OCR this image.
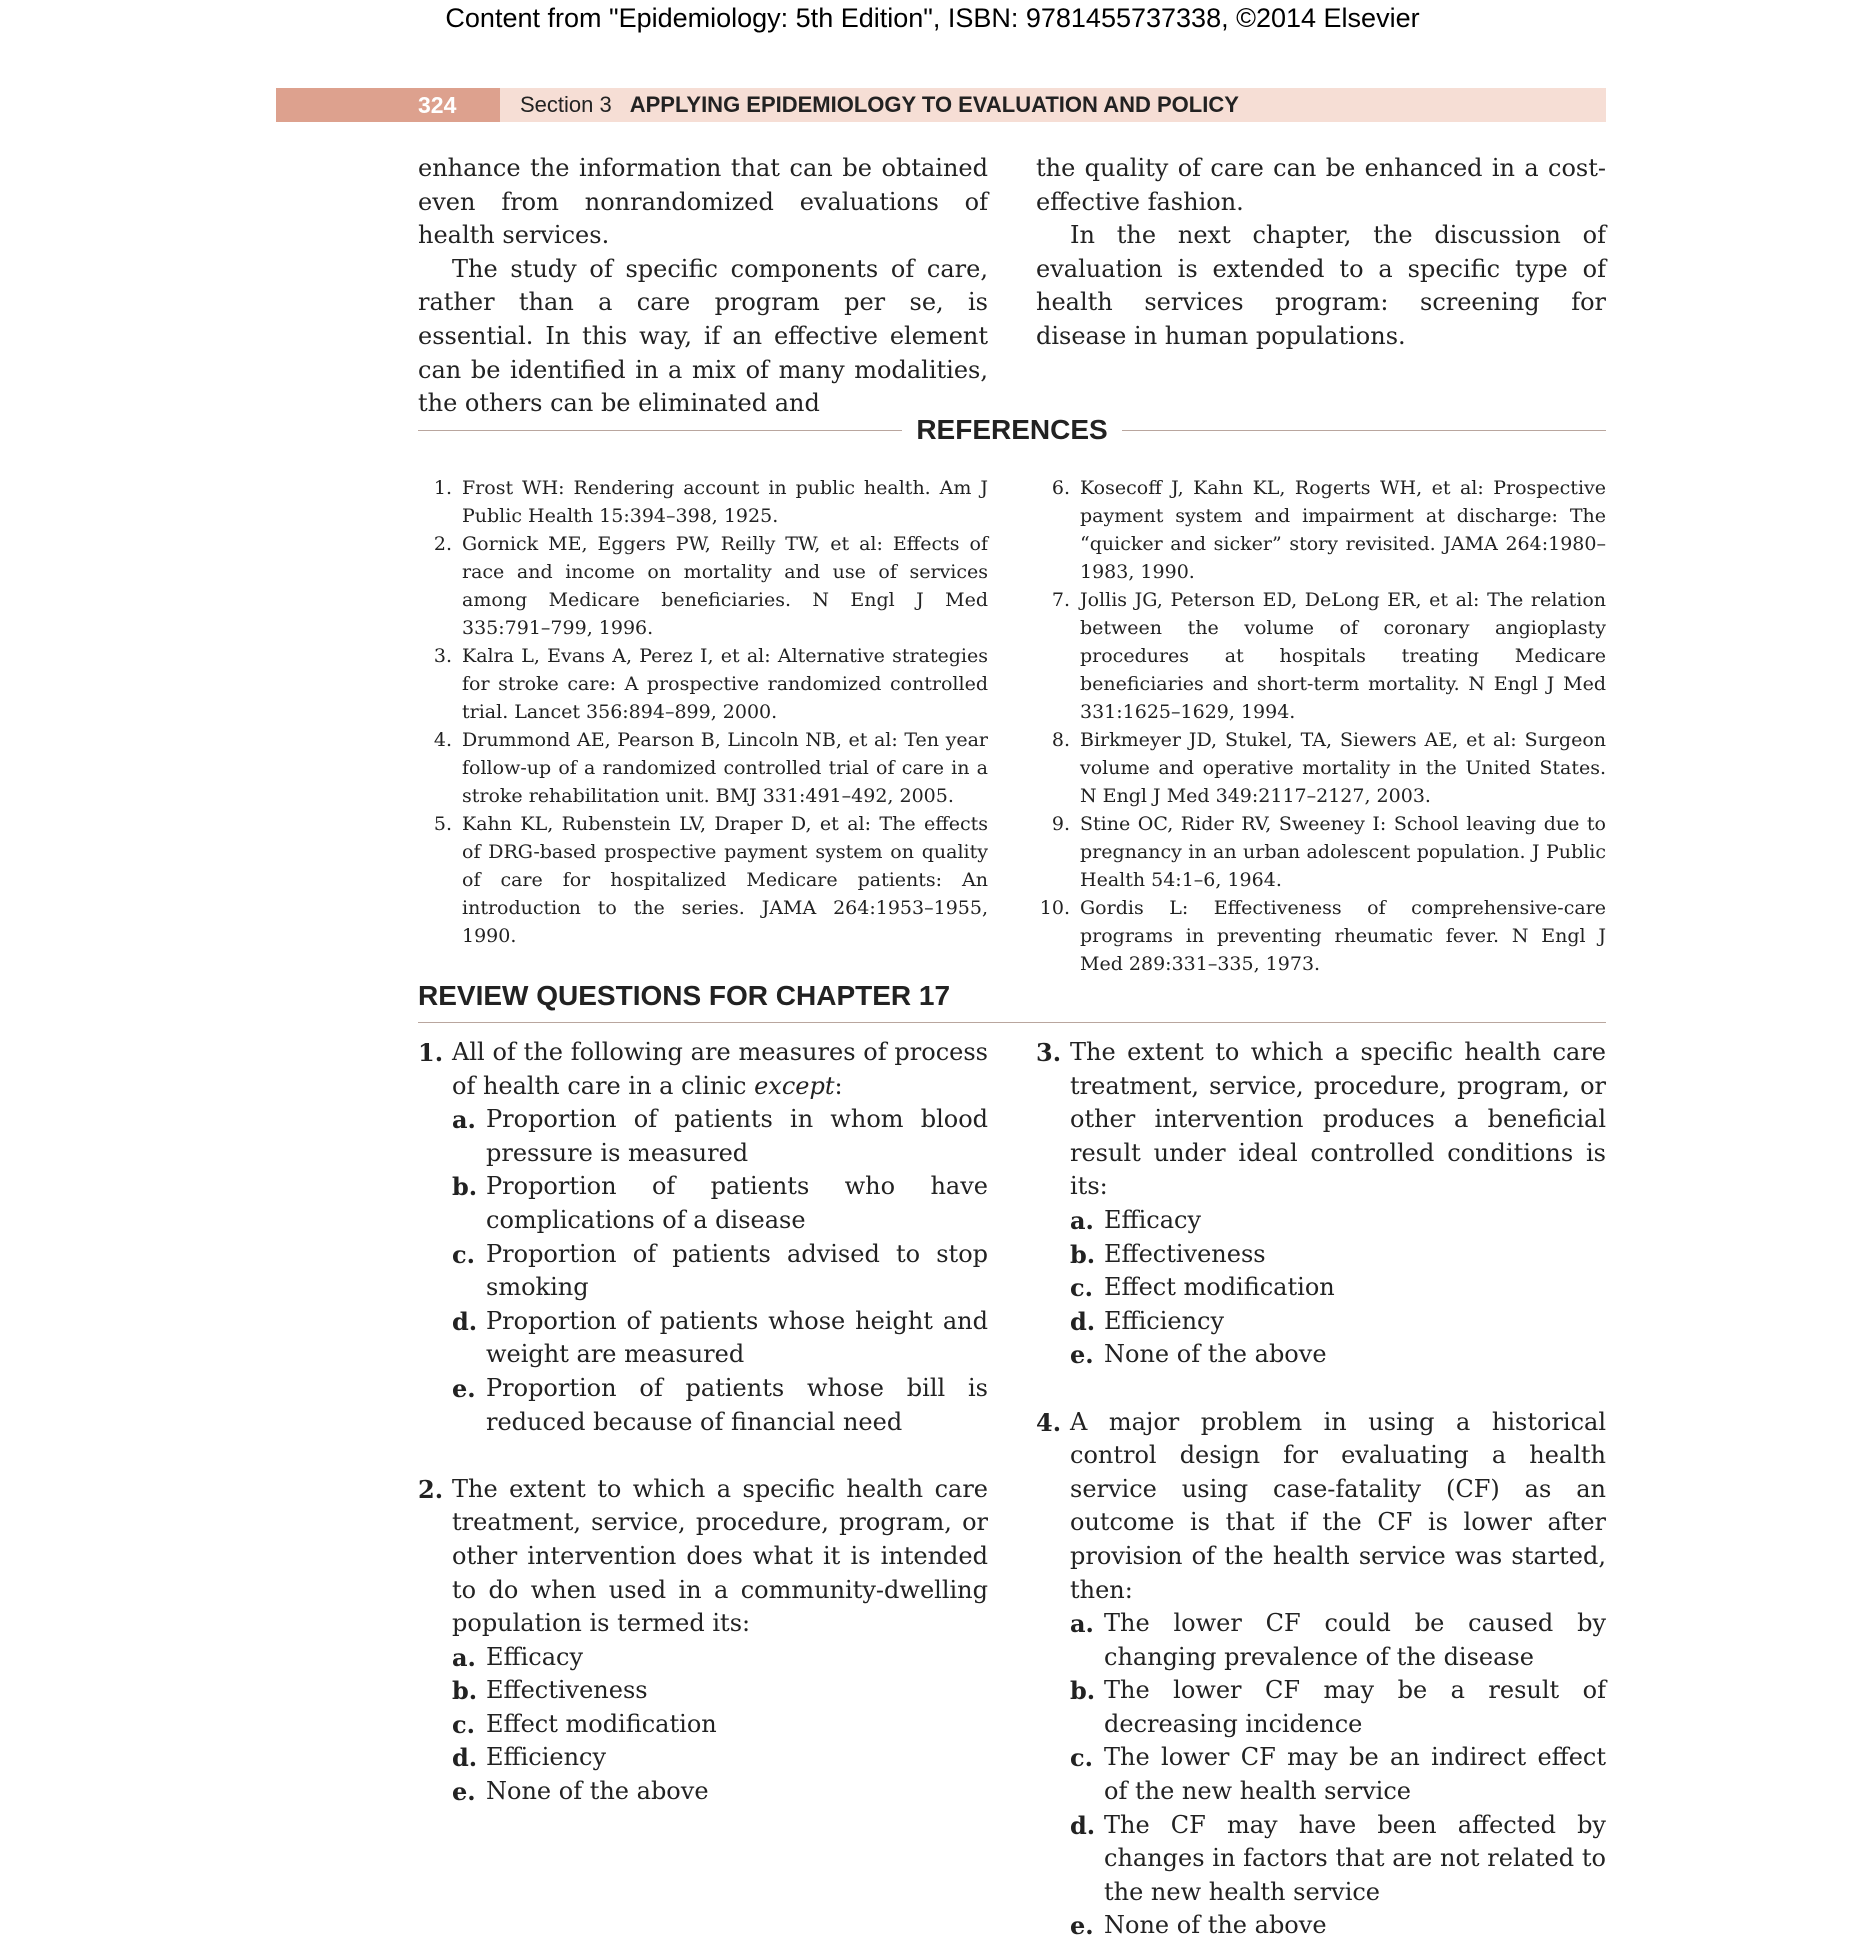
Content from "Epidemiology: 5th Edition", ISBN: 9781455737338, ©2014 Elsevier
324	Section 3 APPLYING EPIDEMIOLOGY TO EVALUATION AND POLICY

enhance the information that can be obtained even from nonrandomized evaluations of health services.

The study of specific components of care, rather than a care program per se, is essential. In this way, if an effective element can be identified in a mix of many modalities, the others can be eliminated and

the quality of care can be enhanced in a cost-effective fashion.

In the next chapter, the discussion of evaluation is extended to a specific type of health services program: screening for disease in human populations.

REFERENCES
1. Frost WH: Rendering account in public health. Am J Public Health 15:394–398, 1925.
2. Gornick ME, Eggers PW, Reilly TW, et al: Effects of race and income on mortality and use of services among Medicare beneficiaries. N Engl J Med 335:791–799, 1996.
3. Kalra L, Evans A, Perez I, et al: Alternative strategies for stroke care: A prospective randomized controlled trial. Lancet 356:894–899, 2000.
4. Drummond AE, Pearson B, Lincoln NB, et al: Ten year follow-up of a randomized controlled trial of care in a stroke rehabilitation unit. BMJ 331:491–492, 2005.
5. Kahn KL, Rubenstein LV, Draper D, et al: The effects of DRG-based prospective payment system on quality of care for hospitalized Medicare patients: An introduction to the series. JAMA 264:1953–1955, 1990.
6. Kosecoff J, Kahn KL, Rogerts WH, et al: Prospective payment system and impairment at discharge: The “quicker and sicker” story revisited. JAMA 264:1980–1983, 1990.
7. Jollis JG, Peterson ED, DeLong ER, et al: The relation between the volume of coronary angioplasty procedures at hospitals treating Medicare beneficiaries and short-term mortality. N Engl J Med 331:1625–1629, 1994.
8. Birkmeyer JD, Stukel, TA, Siewers AE, et al: Surgeon volume and operative mortality in the United States. N Engl J Med 349:2117–2127, 2003.
9. Stine OC, Rider RV, Sweeney I: School leaving due to pregnancy in an urban adolescent population. J Public Health 54:1–6, 1964.
10. Gordis L: Effectiveness of comprehensive-care programs in preventing rheumatic fever. N Engl J Med 289:331–335, 1973.
REVIEW QUESTIONS FOR CHAPTER 17
1. All of the following are measures of process of health care in a clinic except:
a. Proportion of patients in whom blood pressure is measured
b. Proportion of patients who have complications of a disease
c. Proportion of patients advised to stop smoking
d. Proportion of patients whose height and weight are measured
e. Proportion of patients whose bill is reduced because of financial need
2. The extent to which a specific health care treatment, service, procedure, program, or other intervention does what it is intended to do when used in a community-dwelling population is termed its:
a. Efficacy
b. Effectiveness
c. Effect modification
d. Efficiency
e. None of the above
3. The extent to which a specific health care treatment, service, procedure, program, or other intervention produces a beneficial result under ideal controlled conditions is its:
a. Efficacy
b. Effectiveness
c. Effect modification
d. Efficiency
e. None of the above
4. A major problem in using a historical control design for evaluating a health service using case-fatality (CF) as an outcome is that if the CF is lower after provision of the health service was started, then:
a. The lower CF could be caused by changing prevalence of the disease
b. The lower CF may be a result of decreasing incidence
c. The lower CF may be an indirect effect of the new health service
d. The CF may have been affected by changes in factors that are not related to the new health service
e. None of the above
